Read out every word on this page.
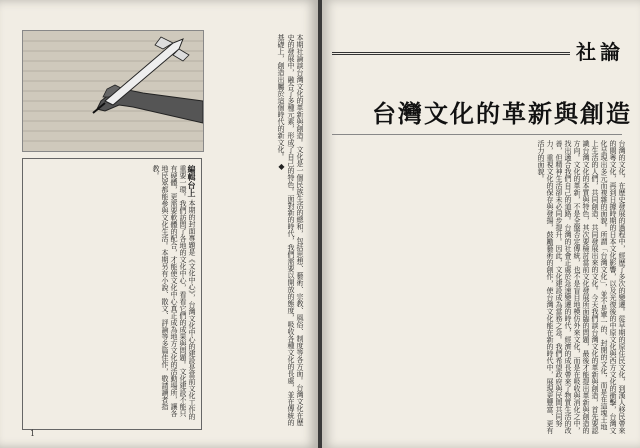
編輯台上 本期的封面專題是《文化中心》，台灣文化中心的建設是當前文化工作的重要一環。我們訪問了各地的文化中心，看看它們的成果與問題。文化建設不能只有硬體，更需要軟體的配合，才能使文化中心真正成為地方文化的活動場所，讓各地民眾都能參與文化生活。本期另有小說、散文、評論等多篇佳作，敬請讀者指教。	本期社論談台灣文化的革新與創造。文化是一個民族生活的總和，包括思想、藝術、宗教、風俗、制度等各方面。台灣文化在歷史的發展中，融合了多種元素，形成了自己的特色。面對新的時代，我們需要以開放的態度，吸收各種文化的長處，並在傳統的基礎上，創造出屬於這個時代的新文化。 ◆
1
社論
台灣文化的革新與創造
台灣的文化，在歷史發展的過程中，經歷了多次的變遷。從早期的原住民文化，到漢人移民帶來的閩粵文化，再到日據時期的日本文化影響，以及光復後的中原文化與西方文化的衝擊，台灣文化呈現出多元而複雜的面貌。所謂「台灣文化」，並不是單一的、封閉的文化，而是在這塊土地上生活的人們，共同創造、共同發展出來的文化。今天我們談台灣文化的革新與創造，首先要認識台灣文化的本質與特色，其次要檢討當前文化發展所面臨的問題，最後才能提出革新與創造的方向。文化的革新，不是全盤否定傳統，也不是盲目地模仿外來文化，而是在吸收與消化之中，找出適合我們自己的道路。台灣的社會正處於急速變遷的時代，經濟的成長帶來了物質生活的改善，但精神生活卻未必同步提升。因此，文化建設成為當務之急。我們希望政府與民間共同努力，重視文化的保存與發揚，鼓勵藝術的創作，使台灣文化能在新的時代中，展現更豐富、更有活力的面貌。
